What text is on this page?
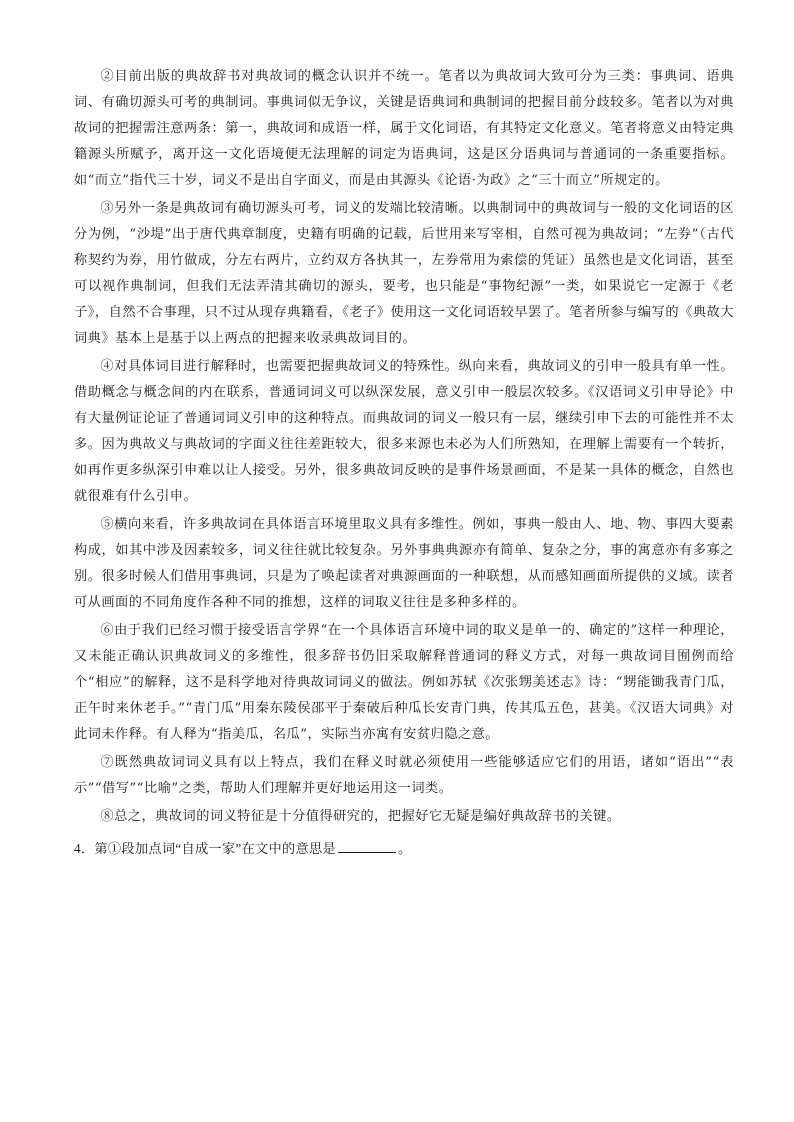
②目前出版的典故辞书对典故词的概念认识并不统一。笔者以为典故词大致可分为三类：事典词、语典词、有确切源头可考的典制词。事典词似无争议，关键是语典词和典制词的把握目前分歧较多。笔者以为对典故词的把握需注意两条：第一，典故词和成语一样，属于文化词语，有其特定文化意义。笔者将意义由特定典籍源头所赋予，离开这一文化语境便无法理解的词定为语典词，这是区分语典词与普通词的一条重要指标。如“而立”指代三十岁，词义不是出自字面义，而是由其源头《论语·为政》之“三十而立”所规定的。

③另外一条是典故词有确切源头可考，词义的发端比较清晰。以典制词中的典故词与一般的文化词语的区分为例，“沙堤”出于唐代典章制度，史籍有明确的记载，后世用来写宰相，自然可视为典故词；“左券”（古代称契约为券，用竹做成，分左右两片，立约双方各执其一，左券常用为索偿的凭证）虽然也是文化词语，甚至可以视作典制词，但我们无法弄清其确切的源头，要考，也只能是“事物纪源”一类，如果说它一定源于《老子》，自然不合事理，只不过从现存典籍看，《老子》使用这一文化词语较早罢了。笔者所参与编写的《典故大词典》基本上是基于以上两点的把握来收录典故词目的。

④对具体词目进行解释时，也需要把握典故词义的特殊性。纵向来看，典故词义的引申一般具有单一性。借助概念与概念间的内在联系，普通词词义可以纵深发展，意义引申一般层次较多。《汉语词义引申导论》中有大量例证论证了普通词词义引申的这种特点。而典故词的词义一般只有一层，继续引申下去的可能性并不太多。因为典故义与典故词的字面义往往差距较大，很多来源也未必为人们所熟知，在理解上需要有一个转折，如再作更多纵深引申难以让人接受。另外，很多典故词反映的是事件场景画面，不是某一具体的概念，自然也就很难有什么引申。

⑤横向来看，许多典故词在具体语言环境里取义具有多维性。例如，事典一般由人、地、物、事四大要素构成，如其中涉及因素较多，词义往往就比较复杂。另外事典典源亦有简单、复杂之分，事的寓意亦有多寡之别。很多时候人们借用事典词，只是为了唤起读者对典源画面的一种联想，从而感知画面所提供的义域。读者可从画面的不同角度作各种不同的推想，这样的词取义往往是多种多样的。

⑥由于我们已经习惯于接受语言学界“在一个具体语言环境中词的取义是单一的、确定的”这样一种理论，又未能正确认识典故词义的多维性，很多辞书仍旧采取解释普通词的释义方式，对每一典故词目囿例而给个“相应”的解释，这不是科学地对待典故词词义的做法。例如苏轼《次张甥美述志》诗：“甥能锄我青门瓜，正午时来休老手。”“青门瓜”用秦东陵侯邵平于秦破后种瓜长安青门典，传其瓜五色，甚美。《汉语大词典》对此词未作释。有人释为“指美瓜，名瓜”，实际当亦寓有安贫归隐之意。

⑦既然典故词词义具有以上特点，我们在释义时就必须使用一些能够适应它们的用语，诸如“语出”“表示”“借写”“比喻”之类，帮助人们理解并更好地运用这一词类。

⑧总之，典故词的词义特征是十分值得研究的，把握好它无疑是编好典故辞书的关键。

4．第①段加点词“自成一家”在文中的意思是	。
